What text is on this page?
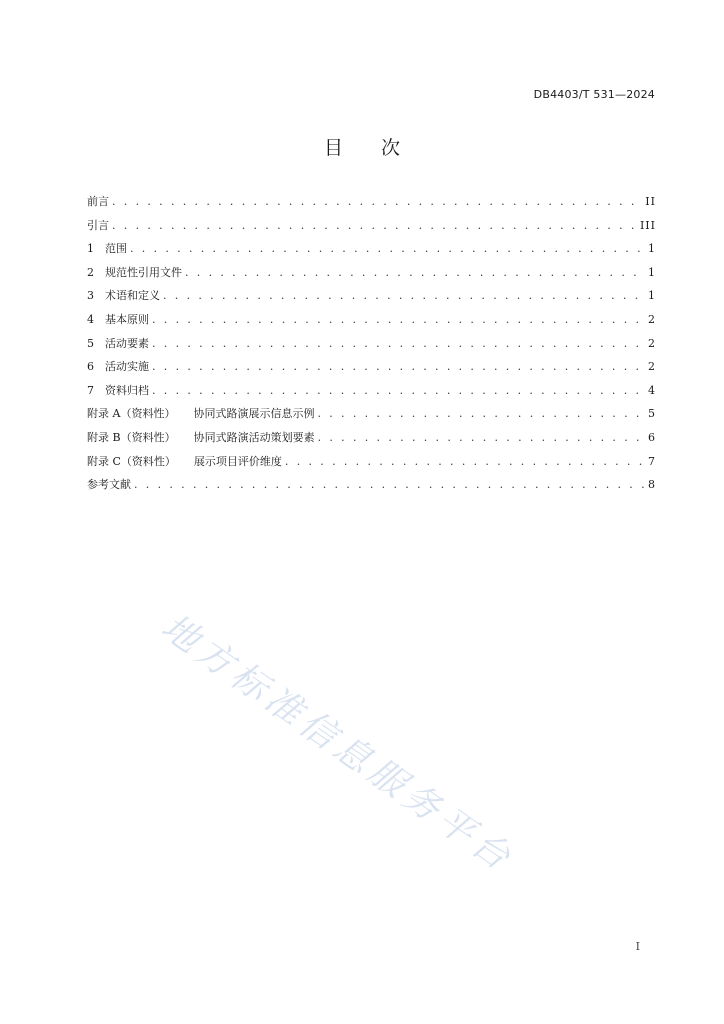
DB4403/T 531—2024
目次
前言 . . .	II
引言 . . .	III
1 范围 . . .	1
2 规范性引用文件 . . .	1
3 术语和定义 . . .	1
4 基本原则 . . .	2
5 活动要素 . . .	2
6 活动实施 . . .	2
7 资料归档 . . .	4
附录 A（资料性） 协同式路演展示信息示例 . . .	5
附录 B（资料性） 协同式路演活动策划要素 . . .	6
附录 C（资料性） 展示项目评价维度 . . .	7
参考文献 . . .	8
地方标准信息服务平台
I
